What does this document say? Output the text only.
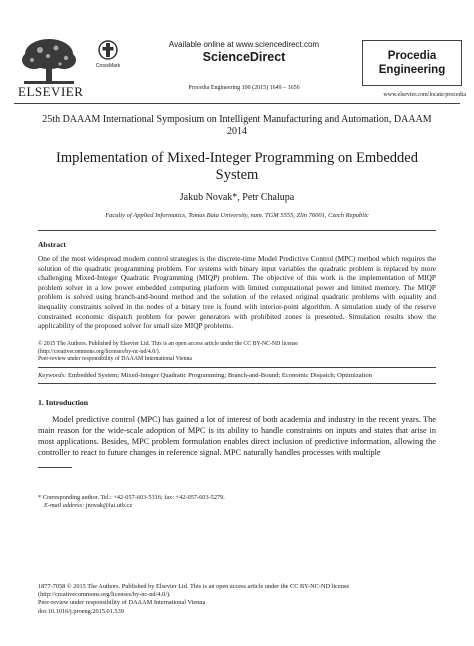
ELSEVIER
CrossMark
Available online at www.sciencedirect.com
ScienceDirect
Procedia Engineering 100 (2015) 1649 – 1656
Procedia
Engineering
www.elsevier.com/locate/procedia
25th DAAAM International Symposium on Intelligent Manufacturing and Automation, DAAAM
2014
Implementation of Mixed-Integer Programming on Embedded
System
Jakub Novak*, Petr Chalupa
Faculty of Applied Informatics, Tomas Bata University, nam. TGM 5555, Zlin 76001, Czech Republic
Abstract
One of the most widespread modern control strategies is the discrete-time Model Predictive Control (MPC) method which requires the solution of the quadratic programming problem. For systems with binary input variables the quadratic problem is replaced by more challenging Mixed-Integer Quadratic Programming (MIQP) problem. The objective of this work is the implementation of MIQP problem solver in a low power embedded computing platform with limited computational power and limited memory. The MIQP problem is solved using branch-and-bound method and the solution of the relaxed original quadratic problems with equality and inequality constraints solved in the nodes of a binary tree is found with interior-point algorithm. A simulation study of the reserve constrained economic dispatch problem for power generators with prohibited zones is presented. Simulation results show the applicability of the proposed solver for small size MIQP problems.
© 2015 The Authors. Published by Elsevier Ltd. This is an open access article under the CC BY-NC-ND license
(http://creativecommons.org/licenses/by-nc-nd/4.0/).
Peer-review under responsibility of DAAAM International Vienna
Keywords: Embedded System; Mixed-Integer Quadratic Programming; Branch-and-Bound; Economic Dispatch; Optimization
1. Introduction
Model predictive control (MPC) has gained a lot of interest of both academia and industry in the recent years. The main reason for the wide-scale adoption of MPC is its ability to handle constraints on inputs and states that arise in most applications. Besides, MPC problem formulation enables direct inclusion of predictive information, allowing the controller to react to future changes in reference signal. MPC naturally handles processes with multiple
* Corresponding author. Tel.: +42-057-603-5316; fax: +42-057-603-5279.
E-mail address: jnovak@fai.utb.cz
1877-7058 © 2015 The Authors. Published by Elsevier Ltd. This is an open access article under the CC BY-NC-ND license
(http://creativecommons.org/licenses/by-nc-nd/4.0/).
Peer-review under responsibility of DAAAM International Vienna
doi:10.1016/j.proeng.2015.01.539
